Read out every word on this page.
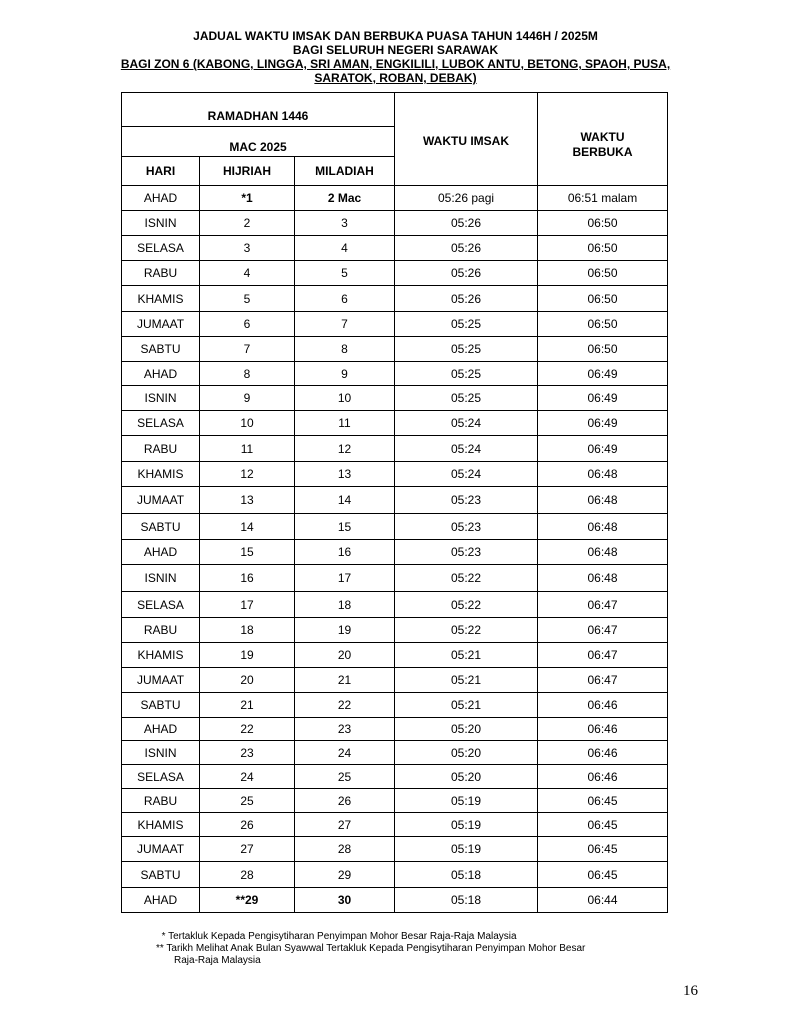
JADUAL WAKTU IMSAK DAN BERBUKA PUASA TAHUN 1446H / 2025M
BAGI SELURUH NEGERI SARAWAK
BAGI ZON 6 (KABONG, LINGGA, SRI AMAN, ENGKILILI, LUBOK ANTU, BETONG, SPAOH, PUSA,
SARATOK, ROBAN, DEBAK)
RAMADHAN 1446			WAKTU IMSAK	WAKTU BERBUKA

MAC 2025				
HARI	HIJRIAH	MILADIAH		
AHAD	*1	2 Mac	05:26 pagi	06:51 malam
ISNIN	2	3	05:26	06:50
SELASA	3	4	05:26	06:50
RABU	4	5	05:26	06:50
KHAMIS	5	6	05:26	06:50
JUMAAT	6	7	05:25	06:50
SABTU	7	8	05:25	06:50
AHAD	8	9	05:25	06:49
ISNIN	9	10	05:25	06:49
SELASA	10	11	05:24	06:49
RABU	11	12	05:24	06:49
KHAMIS	12	13	05:24	06:48
JUMAAT	13	14	05:23	06:48
SABTU	14	15	05:23	06:48
AHAD	15	16	05:23	06:48
ISNIN	16	17	05:22	06:48
SELASA	17	18	05:22	06:47
RABU	18	19	05:22	06:47
KHAMIS	19	20	05:21	06:47
JUMAAT	20	21	05:21	06:47
SABTU	21	22	05:21	06:46
AHAD	22	23	05:20	06:46
ISNIN	23	24	05:20	06:46
SELASA	24	25	05:20	06:46
RABU	25	26	05:19	06:45
KHAMIS	26	27	05:19	06:45
JUMAAT	27	28	05:19	06:45
SABTU	28	29	05:18	06:45
AHAD	**29	30	05:18	06:44
* Tertakluk Kepada Pengisytiharan Penyimpan Mohor Besar Raja-Raja Malaysia
** Tarikh Melihat Anak Bulan Syawwal Tertakluk Kepada Pengisytiharan Penyimpan Mohor Besar
Raja-Raja Malaysia
16
